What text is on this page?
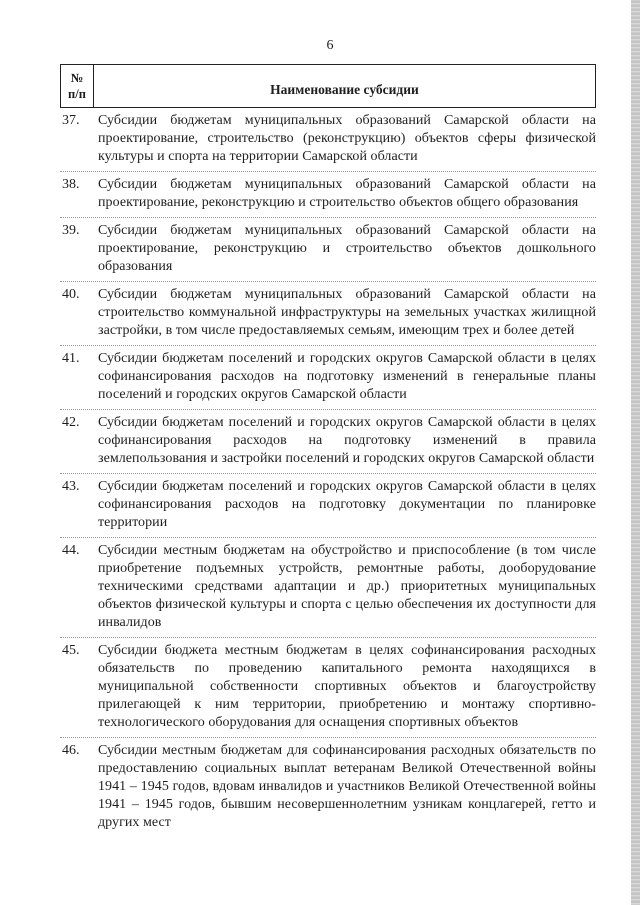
6
№
п/п	Наименование субсидии
37.	Субсидии бюджетам муниципальных образований Самарской области на проектирование, строительство (реконструкцию) объектов сферы физической культуры и спорта на территории Самарской области
38.	Субсидии бюджетам муниципальных образований Самарской области на проектирование, реконструкцию и строительство объектов общего образования
39.	Субсидии бюджетам муниципальных образований Самарской области на проектирование, реконструкцию и строительство объектов дошкольного образования
40.	Субсидии бюджетам муниципальных образований Самарской области на строительство коммунальной инфраструктуры на земельных участках жилищной застройки, в том числе предоставляемых семьям, имеющим трех и более детей
41.	Субсидии бюджетам поселений и городских округов Самарской области в целях софинансирования расходов на подготовку изменений в генеральные планы поселений и городских округов Самарской области
42.	Субсидии бюджетам поселений и городских округов Самарской области в целях софинансирования расходов на подготовку изменений в правила землепользования и застройки поселений и городских округов Самарской области
43.	Субсидии бюджетам поселений и городских округов Самарской области в целях софинансирования расходов на подготовку документации по планировке территории
44.	Субсидии местным бюджетам на обустройство и приспособление (в том числе приобретение подъемных устройств, ремонтные работы, дооборудование техническими средствами адаптации и др.) приоритетных муниципальных объектов физической культуры и спорта с целью обеспечения их доступности для инвалидов
45.	Субсидии бюджета местным бюджетам в целях софинансирования расходных обязательств по проведению капитального ремонта находящихся в муниципальной собственности спортивных объектов и благоустройству прилегающей к ним территории, приобретению и монтажу спортивно-технологического оборудования для оснащения спортивных объектов
46.	Субсидии местным бюджетам для софинансирования расходных обязательств по предоставлению социальных выплат ветеранам Великой Отечественной войны 1941 – 1945 годов, вдовам инвалидов и участников Великой Отечественной войны 1941 – 1945 годов, бывшим несовершеннолетним узникам концлагерей, гетто и других мест
